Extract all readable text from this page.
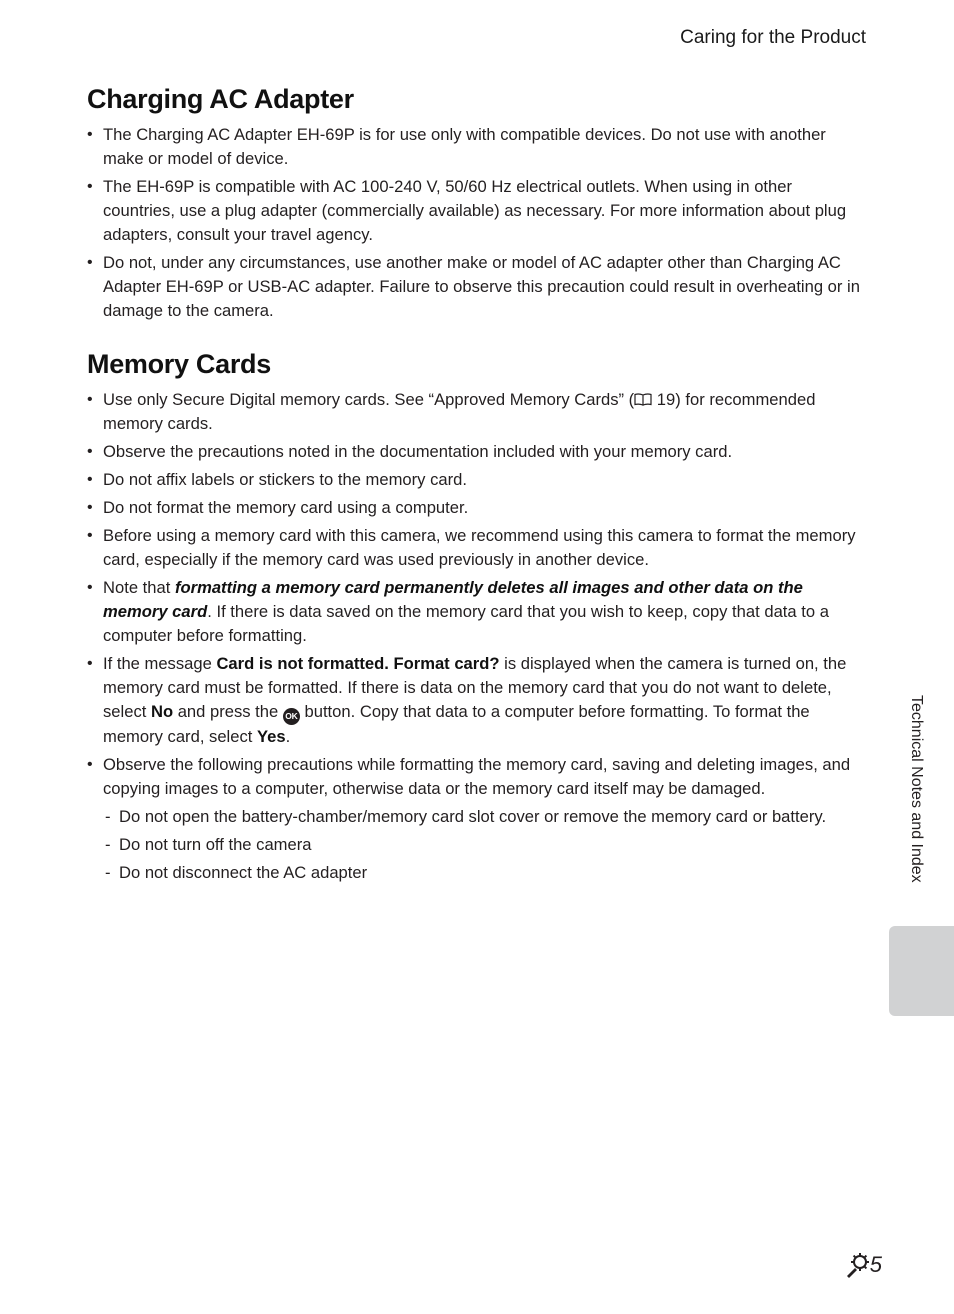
Caring for the Product
Charging AC Adapter
• The Charging AC Adapter EH-69P is for use only with compatible devices. Do not use with another make or model of device.
• The EH-69P is compatible with AC 100-240 V, 50/60 Hz electrical outlets. When using in other countries, use a plug adapter (commercially available) as necessary. For more information about plug adapters, consult your travel agency.
• Do not, under any circumstances, use another make or model of AC adapter other than Charging AC Adapter EH-69P or USB-AC adapter. Failure to observe this precaution could result in overheating or in damage to the camera.
Memory Cards
• Use only Secure Digital memory cards. See “Approved Memory Cards” ( 19) for recommended memory cards.
• Observe the precautions noted in the documentation included with your memory card.
• Do not affix labels or stickers to the memory card.
• Do not format the memory card using a computer.
• Before using a memory card with this camera, we recommend using this camera to format the memory card, especially if the memory card was used previously in another device.
• Note that formatting a memory card permanently deletes all images and other data on the memory card. If there is data saved on the memory card that you wish to keep, copy that data to a computer before formatting.
• If the message Card is not formatted. Format card? is displayed when the camera is turned on, the memory card must be formatted. If there is data on the memory card that you do not want to delete, select No and press the OK button. Copy that data to a computer before formatting. To format the memory card, select Yes.
• Observe the following precautions while formatting the memory card, saving and deleting images, and copying images to a computer, otherwise data or the memory card itself may be damaged.
- Do not open the battery-chamber/memory card slot cover or remove the memory card or battery.
- Do not turn off the camera
- Do not disconnect the AC adapter	Technical Notes and Index
5
